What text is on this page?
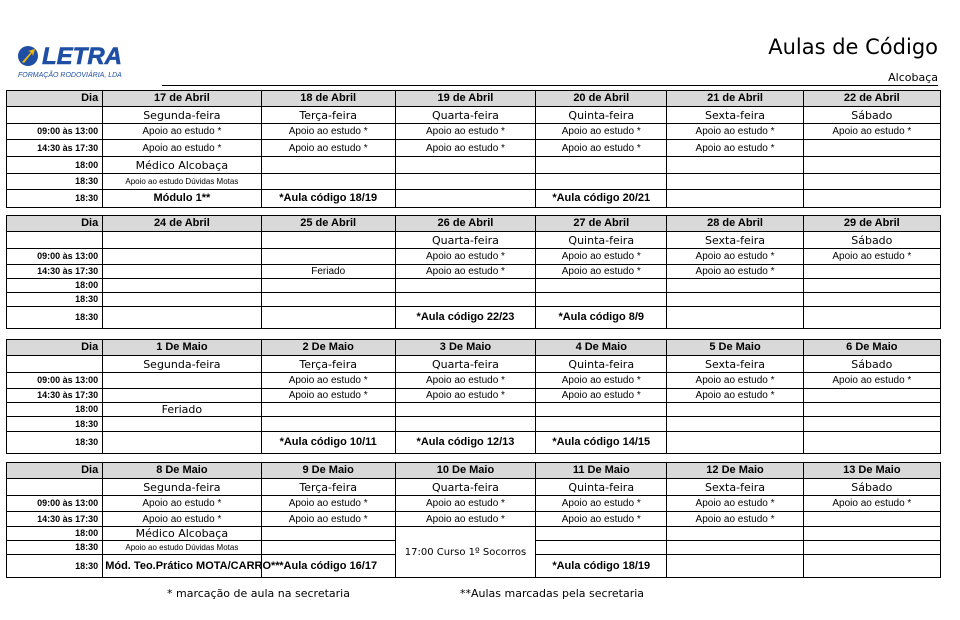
LETRA
FORMAÇÃO RODOVIÁRIA, LDA
Aulas de Código
Alcobaça
Dia	17 de Abril	18 de Abril	19 de Abril	20 de Abril	21 de Abril	22 de Abril
	Segunda-feira	Terça-feira	Quarta-feira	Quinta-feira	Sexta-feira	Sábado
09:00 às 13:00	Apoio ao estudo *	Apoio ao estudo *	Apoio ao estudo *	Apoio ao estudo *	Apoio ao estudo *	Apoio ao estudo *
14:30 às 17:30	Apoio ao estudo *	Apoio ao estudo *	Apoio ao estudo *	Apoio ao estudo *	Apoio ao estudo *	
18:00	Médico Alcobaça					
18:30	Apoio ao estudo Dúvidas Motas					
18:30	Módulo 1**	*Aula código 18/19		*Aula código 20/21		
Dia	24 de Abril	25 de Abril	26 de Abril	27 de Abril	28 de Abril	29 de Abril
			Quarta-feira	Quinta-feira	Sexta-feira	Sábado
09:00 às 13:00			Apoio ao estudo *	Apoio ao estudo *	Apoio ao estudo *	Apoio ao estudo *
14:30 às 17:30		Feriado	Apoio ao estudo *	Apoio ao estudo *	Apoio ao estudo *	
18:00						
18:30						
18:30			*Aula código 22/23	*Aula código 8/9		
Dia	1 De Maio	2 De Maio	3 De Maio	4 De Maio	5 De Maio	6 De Maio
	Segunda-feira	Terça-feira	Quarta-feira	Quinta-feira	Sexta-feira	Sábado
09:00 às 13:00		Apoio ao estudo *	Apoio ao estudo *	Apoio ao estudo *	Apoio ao estudo *	Apoio ao estudo *
14:30 às 17:30		Apoio ao estudo *	Apoio ao estudo *	Apoio ao estudo *	Apoio ao estudo *	
18:00	Feriado					
18:30						
18:30		*Aula código 10/11	*Aula código 12/13	*Aula código 14/15		
Dia	8 De Maio	9 De Maio	10 De Maio	11 De Maio	12 De Maio	13 De Maio
	Segunda-feira	Terça-feira	Quarta-feira	Quinta-feira	Sexta-feira	Sábado
09:00 às 13:00	Apoio ao estudo *	Apoio ao estudo *	Apoio ao estudo *	Apoio ao estudo *	Apoio ao estudo *	Apoio ao estudo *
14:30 às 17:30	Apoio ao estudo *	Apoio ao estudo *	Apoio ao estudo *	Apoio ao estudo *	Apoio ao estudo *	
18:00	Médico Alcobaça		17:00 Curso 1º Socorros			
18:30	Apoio ao estudo Dúvidas Motas					
18:30	Mód. Teo.Prático MOTA/CARRO**	*Aula código 16/17		*Aula código 18/19		
* marcação de aula na secretaria	**Aulas marcadas pela secretaria
